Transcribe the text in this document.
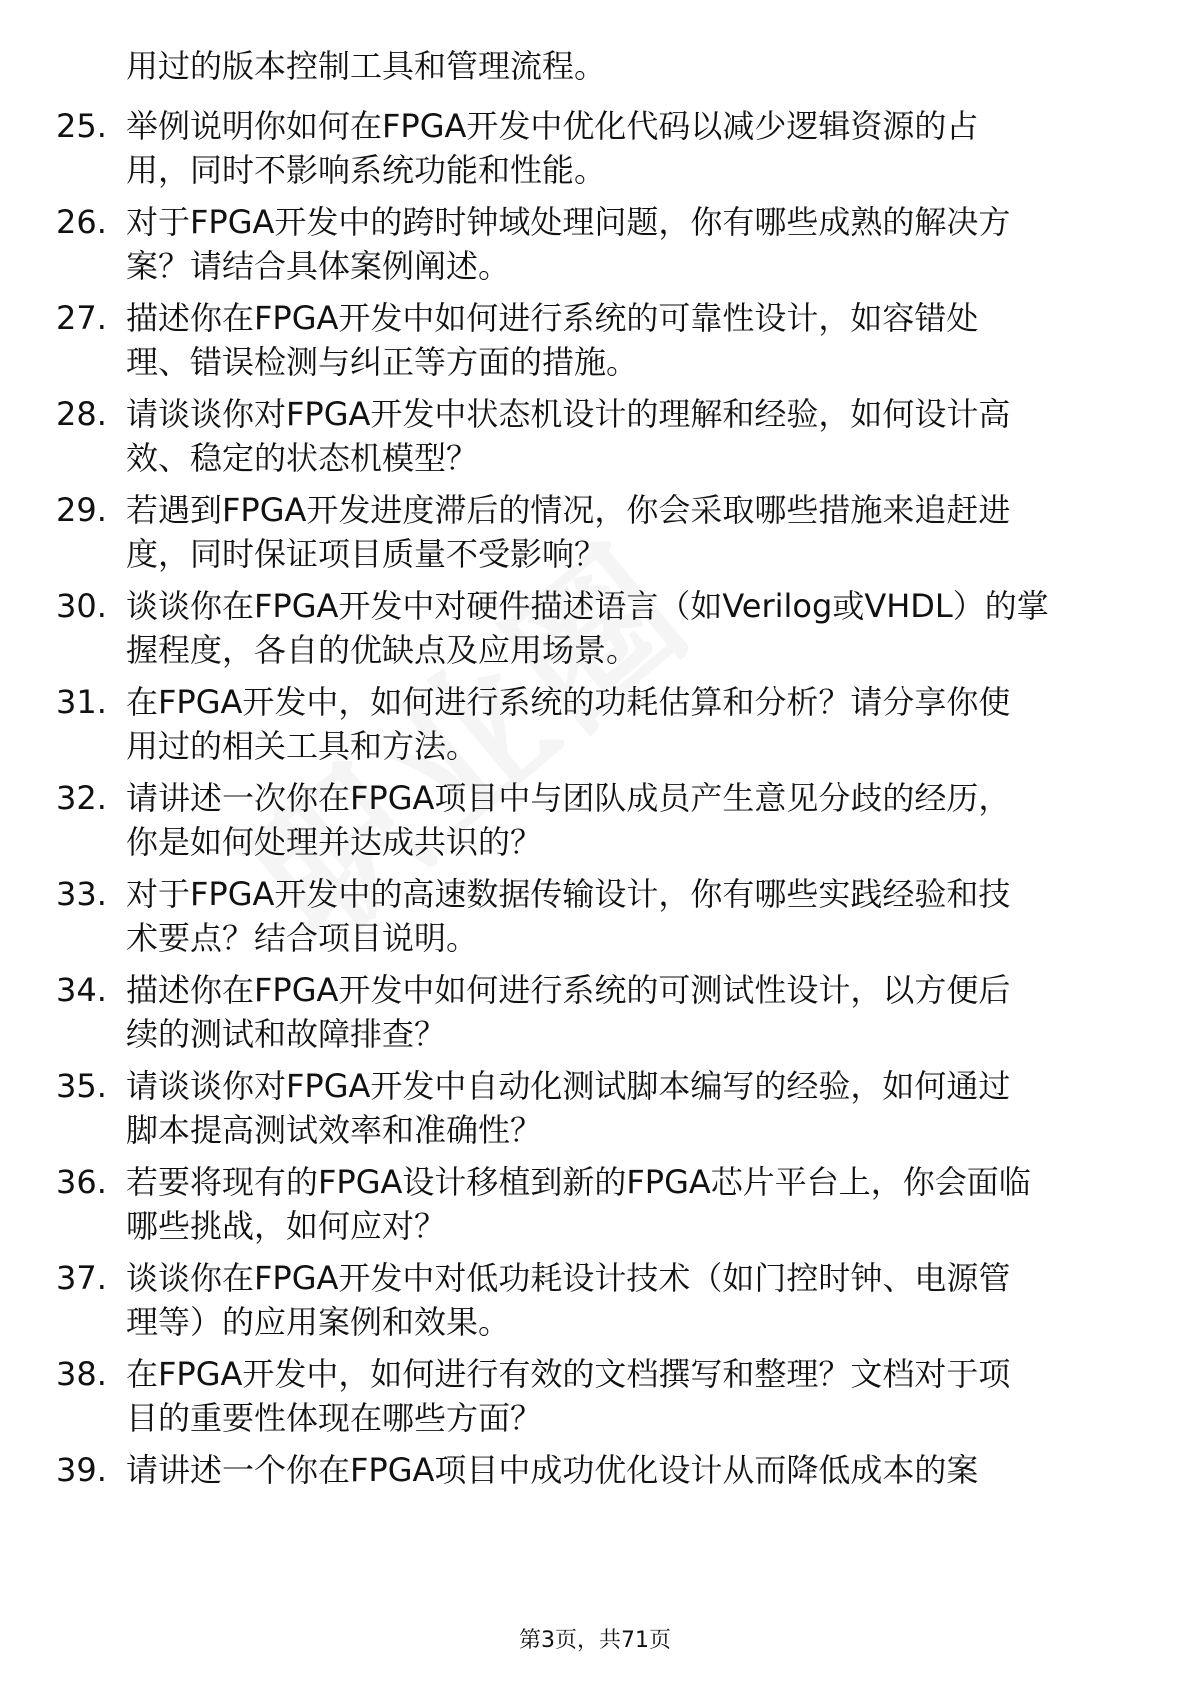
用过的版本控制工具和管理流程。
25. 举例说明你如何在FPGA开发中优化代码以减少逻辑资源的占
用，同时不影响系统功能和性能。
26. 对于FPGA开发中的跨时钟域处理问题，你有哪些成熟的解决方
案？请结合具体案例阐述。
27. 描述你在FPGA开发中如何进行系统的可靠性设计，如容错处
理、错误检测与纠正等方面的措施。
28. 请谈谈你对FPGA开发中状态机设计的理解和经验，如何设计高
效、稳定的状态机模型？
29. 若遇到FPGA开发进度滞后的情况，你会采取哪些措施来追赶进
度，同时保证项目质量不受影响？
30. 谈谈你在FPGA开发中对硬件描述语言（如Verilog或VHDL）的掌
握程度，各自的优缺点及应用场景。
31. 在FPGA开发中，如何进行系统的功耗估算和分析？请分享你使
用过的相关工具和方法。
32. 请讲述一次你在FPGA项目中与团队成员产生意见分歧的经历，
你是如何处理并达成共识的？
33. 对于FPGA开发中的高速数据传输设计，你有哪些实践经验和技
术要点？结合项目说明。
34. 描述你在FPGA开发中如何进行系统的可测试性设计，以方便后
续的测试和故障排查？
35. 请谈谈你对FPGA开发中自动化测试脚本编写的经验，如何通过
脚本提高测试效率和准确性？
36. 若要将现有的FPGA设计移植到新的FPGA芯片平台上，你会面临
哪些挑战，如何应对？
37. 谈谈你在FPGA开发中对低功耗设计技术（如门控时钟、电源管
理等）的应用案例和效果。
38. 在FPGA开发中，如何进行有效的文档撰写和整理？文档对于项
目的重要性体现在哪些方面？
39. 请讲述一个你在FPGA项目中成功优化设计从而降低成本的案
第3页，共71页
